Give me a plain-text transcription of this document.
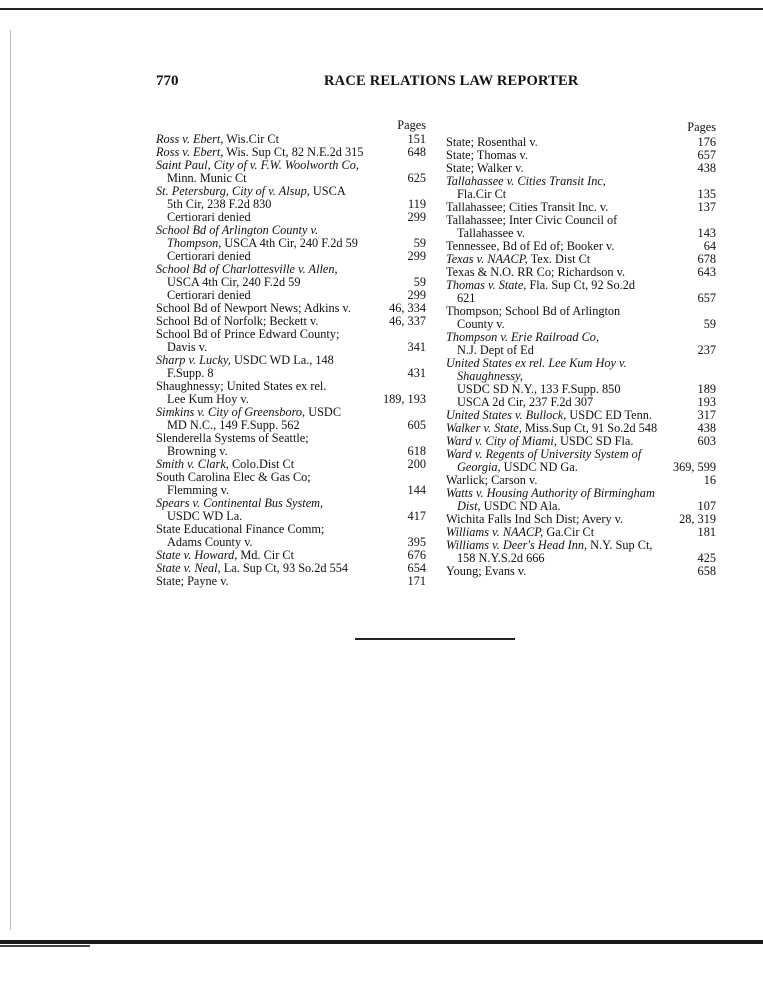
770	RACE RELATIONS LAW REPORTER
Pages
Ross v. Ebert, Wis.Cir Ct	151
Ross v. Ebert, Wis. Sup Ct, 82 N.E.2d 315	648
Saint Paul, City of v. F.W. Woolworth Co,
Minn. Munic Ct	625
St. Petersburg, City of v. Alsup, USCA
5th Cir, 238 F.2d 830	119
Certiorari denied	299
School Bd of Arlington County v.
Thompson, USCA 4th Cir, 240 F.2d 59	59
Certiorari denied	299
School Bd of Charlottesville v. Allen,
USCA 4th Cir, 240 F.2d 59	59
Certiorari denied	299
School Bd of Newport News; Adkins v.	46, 334
School Bd of Norfolk; Beckett v.	46, 337
School Bd of Prince Edward County;
Davis v.	341
Sharp v. Lucky, USDC WD La., 148
F.Supp. 8	431
Shaughnessy; United States ex rel.
Lee Kum Hoy v.	189, 193
Simkins v. City of Greensboro, USDC
MD N.C., 149 F.Supp. 562	605
Slenderella Systems of Seattle;
Browning v.	618
Smith v. Clark, Colo.Dist Ct	200
South Carolina Elec & Gas Co;
Flemming v.	144
Spears v. Continental Bus System,
USDC WD La.	417
State Educational Finance Comm;
Adams County v.	395
State v. Howard, Md. Cir Ct	676
State v. Neal, La. Sup Ct, 93 So.2d 554	654
State; Payne v.	171
Pages
State; Rosenthal v.	176
State; Thomas v.	657
State; Walker v.	438
Tallahassee v. Cities Transit Inc,
Fla.Cir Ct	135
Tallahassee; Cities Transit Inc. v.	137
Tallahassee; Inter Civic Council of
Tallahassee v.	143
Tennessee, Bd of Ed of; Booker v.	64
Texas v. NAACP, Tex. Dist Ct	678
Texas & N.O. RR Co; Richardson v.	643
Thomas v. State, Fla. Sup Ct, 92 So.2d
621	657
Thompson; School Bd of Arlington
County v.	59
Thompson v. Erie Railroad Co,
N.J. Dept of Ed	237
United States ex rel. Lee Kum Hoy v.
Shaughnessy,
USDC SD N.Y., 133 F.Supp. 850	189
USCA 2d Cir, 237 F.2d 307	193
United States v. Bullock, USDC ED Tenn.	317
Walker v. State, Miss.Sup Ct, 91 So.2d 548	438
Ward v. City of Miami, USDC SD Fla.	603
Ward v. Regents of University System of
Georgia, USDC ND Ga.	369, 599
Warlick; Carson v.	16
Watts v. Housing Authority of Birmingham
Dist, USDC ND Ala.	107
Wichita Falls Ind Sch Dist; Avery v.	28, 319
Williams v. NAACP, Ga.Cir Ct	181
Williams v. Deer's Head Inn, N.Y. Sup Ct,
158 N.Y.S.2d 666	425
Young; Evans v.	658
